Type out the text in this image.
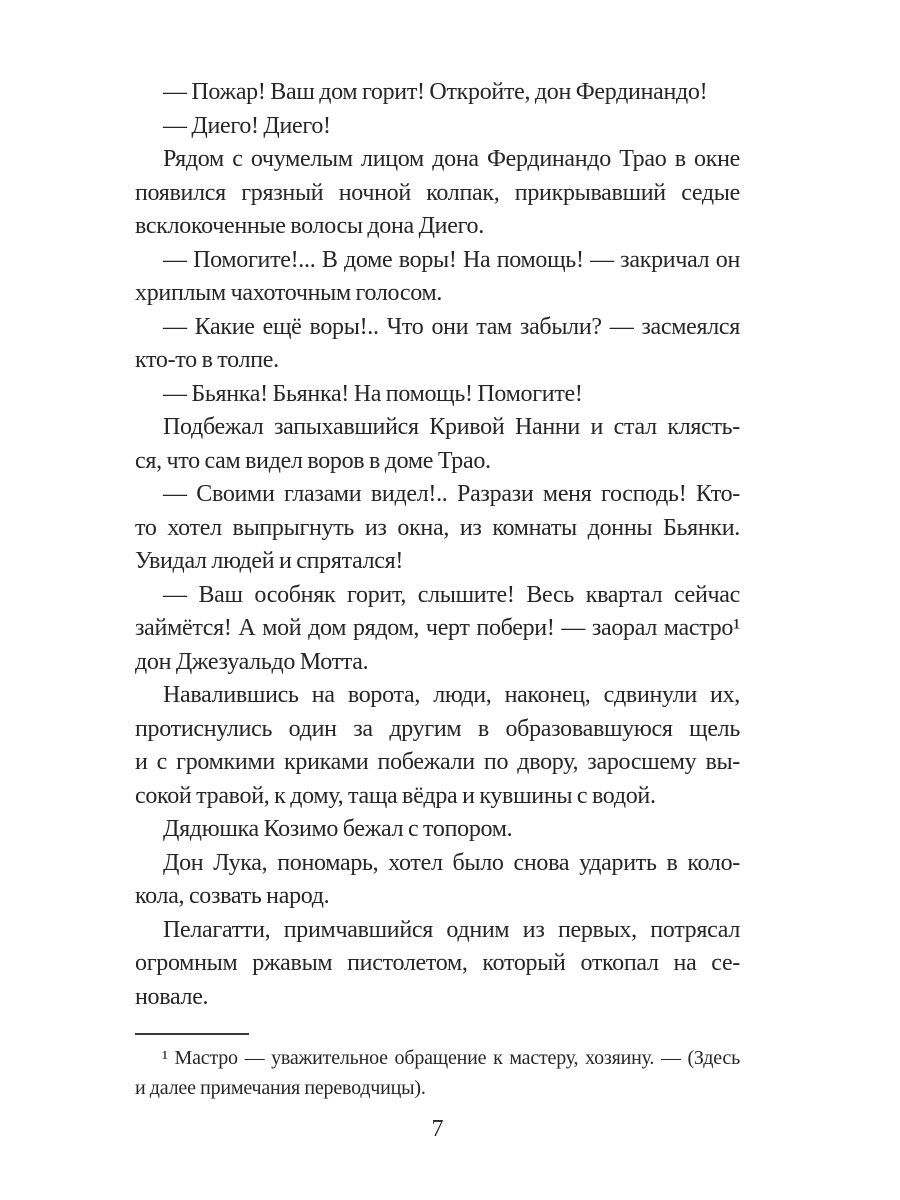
— Пожар! Ваш дом горит! Откройте, дон Фердинандо!
— Диего! Диего!
Рядом с очумелым лицом дона Фердинандо Трао в окне
появился грязный ночной колпак, прикрывавший седые
всклокоченные волосы дона Диего.
— Помогите!... В доме воры! На помощь! — закричал он
хриплым чахоточным голосом.
— Какие ещё воры!.. Что они там забыли? — засмеялся
кто-то в толпе.
— Бьянка! Бьянка! На помощь! Помогите!
Подбежал запыхавшийся Кривой Нанни и стал клясть-
ся, что сам видел воров в доме Трао.
— Своими глазами видел!.. Разрази меня господь! Кто-
то хотел выпрыгнуть из окна, из комнаты донны Бьянки.
Увидал людей и спрятался!
— Ваш особняк горит, слышите! Весь квартал сейчас
займётся! А мой дом рядом, черт побери! — заорал мастро¹
дон Джезуальдо Мотта.
Навалившись на ворота, люди, наконец, сдвинули их,
протиснулись один за другим в образовавшуюся щель
и с громкими криками побежали по двору, заросшему вы-
сокой травой, к дому, таща вёдра и кувшины с водой.
Дядюшка Козимо бежал с топором.
Дон Лука, пономарь, хотел было снова ударить в коло-
кола, созвать народ.
Пелагатти, примчавшийся одним из первых, потрясал
огромным ржавым пистолетом, который откопал на се-
новале.
¹ Мастро — уважительное обращение к мастеру, хозяину. — (Здесь
и далее примечания переводчицы).
7
